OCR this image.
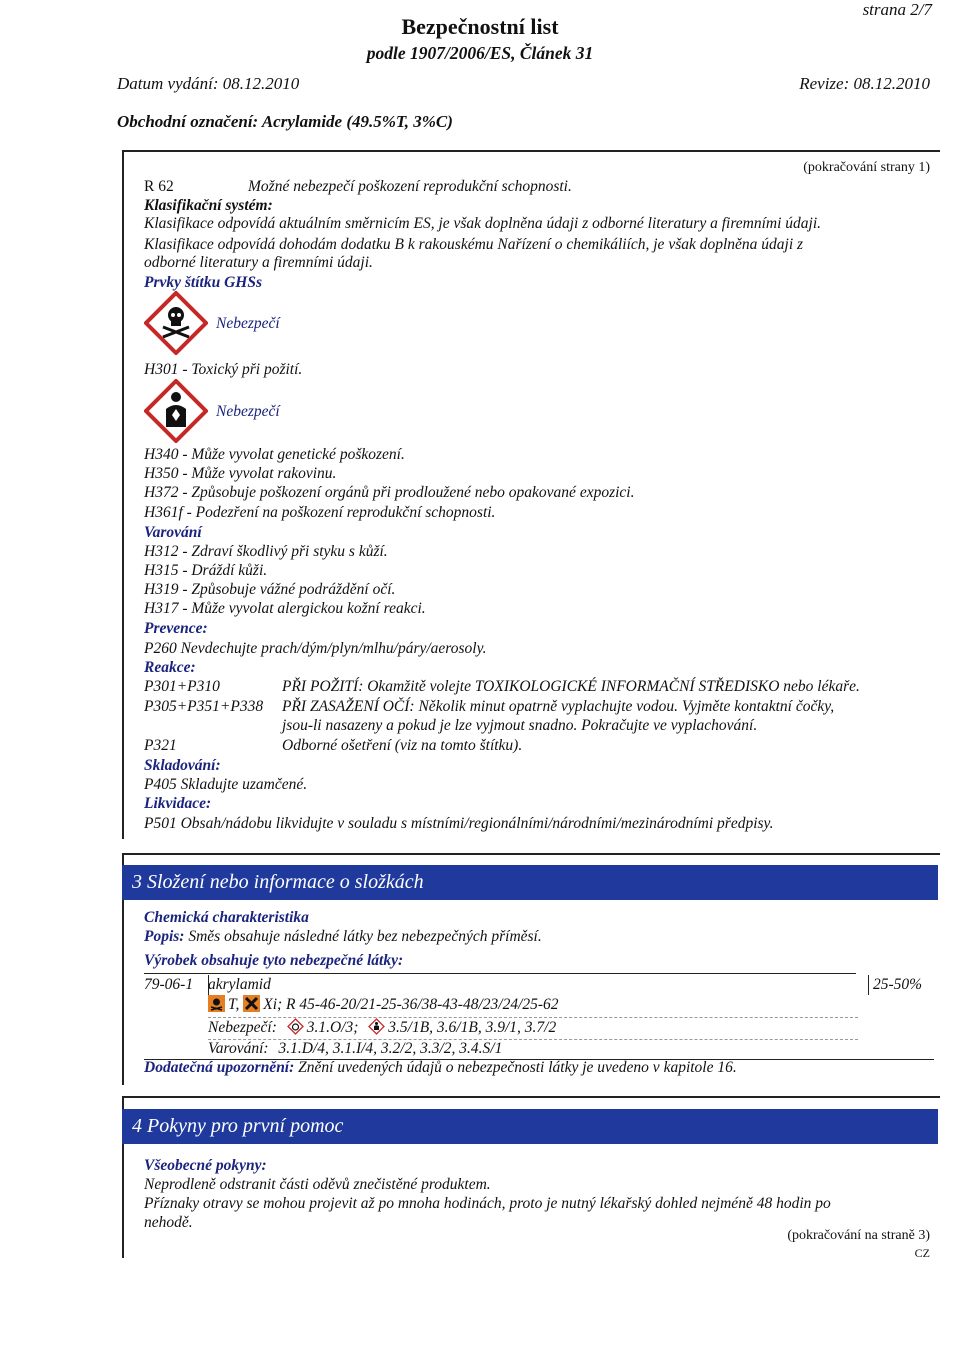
strana 2/7
Bezpečnostní list
podle 1907/2006/ES, Článek 31
Datum vydání: 08.12.2010	Revize: 08.12.2010
Obchodní označení: Acrylamide (49.5%T, 3%C)
(pokračování strany 1)
R 62	Možné nebezpečí poškození reprodukční schopnosti.
Klasifikační systém:
Klasifikace odpovídá aktuálním směrnicím ES, je však doplněna údaji z odborné literatury a firemními údaji.
Klasifikace odpovídá dohodám dodatku B k rakouskému Nařízení o chemikáliích, je však doplněna údaji z
odborné literatury a firemními údaji.
Prvky štítku GHSs
Nebezpečí
H301 - Toxický při požití.
Nebezpečí
H340 - Může vyvolat genetické poškození.
H350 - Může vyvolat rakovinu.
H372 - Způsobuje poškození orgánů při prodloužené nebo opakované expozici.
H361f - Podezření na poškození reprodukční schopnosti.
Varování
H312 - Zdraví škodlivý při styku s kůží.
H315 - Dráždí kůži.
H319 - Způsobuje vážné podráždění očí.
H317 - Může vyvolat alergickou kožní reakci.
Prevence:
P260 Nevdechujte prach/dým/plyn/mlhu/páry/aerosoly.
Reakce:
P301+P310	PŘI POŽITÍ: Okamžitě volejte TOXIKOLOGICKÉ INFORMAČNÍ STŘEDISKO nebo lékaře.
P305+P351+P338 PŘI ZASAŽENÍ OČÍ: Několik minut opatrně vyplachujte vodou. Vyjměte kontaktní čočky,
jsou-li nasazeny a pokud je lze vyjmout snadno. Pokračujte ve vyplachování.
P321	Odborné ošetření (viz na tomto štítku).
Skladování:
P405 Skladujte uzamčené.
Likvidace:
P501 Obsah/nádobu likvidujte v souladu s místními/regionálními/národními/mezinárodními předpisy.
3 Složení nebo informace o složkách
Chemická charakteristika
Popis: Směs obsahuje následné látky bez nebezpečných příměsí.
Výrobek obsahuje tyto nebezpečné látky:
79-06-1 akrylamid	25-50%
T, Xi; R 45-46-20/21-25-36/38-43-48/23/24/25-62
Nebezpečí: 3.1.O/3; 3.5/1B, 3.6/1B, 3.9/1, 3.7/2
Varování: 3.1.D/4, 3.1.I/4, 3.2/2, 3.3/2, 3.4.S/1
Dodatečná upozornění: Znění uvedených údajů o nebezpečnosti látky je uvedeno v kapitole 16.
4 Pokyny pro první pomoc
Všeobecné pokyny:
Neprodleně odstranit části oděvů znečistěné produktem.
Příznaky otravy se mohou projevit až po mnoha hodinách, proto je nutný lékařský dohled nejméně 48 hodin po
nehodě.
(pokračování na straně 3)
CZ
